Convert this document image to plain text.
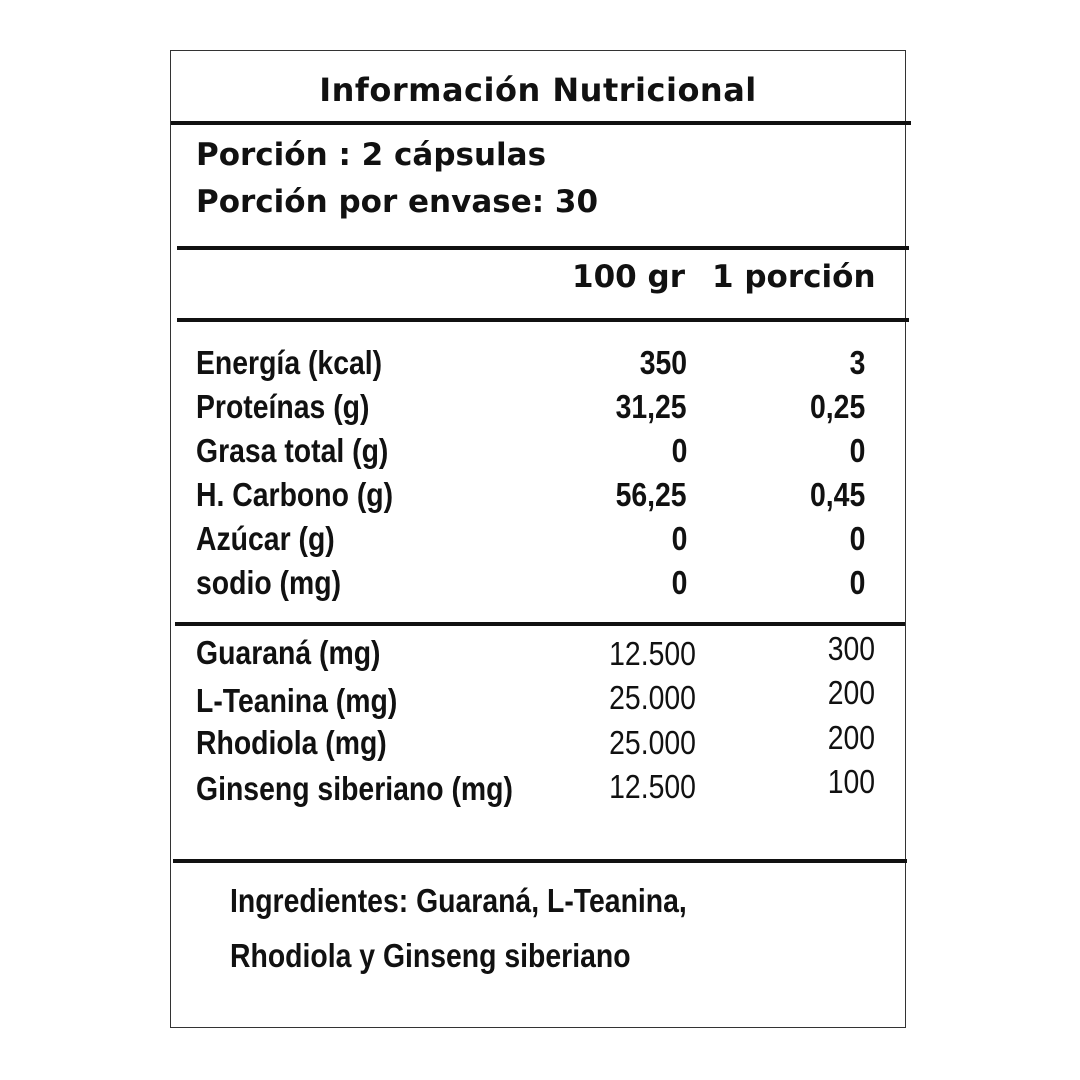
Información Nutricional
Porción : 2 cápsulas
Porción por envase: 30
100 gr 1 porción
Energía (kcal)	350	3
Proteínas (g)	31,25	0,25
Grasa total (g)	0	0
H. Carbono (g)	56,25	0,45
Azúcar (g)	0	0
sodio (mg)	0	0
Guaraná (mg)	12.500	300
L-Teanina (mg)	25.000	200
Rhodiola (mg)	25.000	200
Ginseng siberiano (mg)	12.500	100
Ingredientes: Guaraná, L-Teanina,
Rhodiola y Ginseng siberiano
